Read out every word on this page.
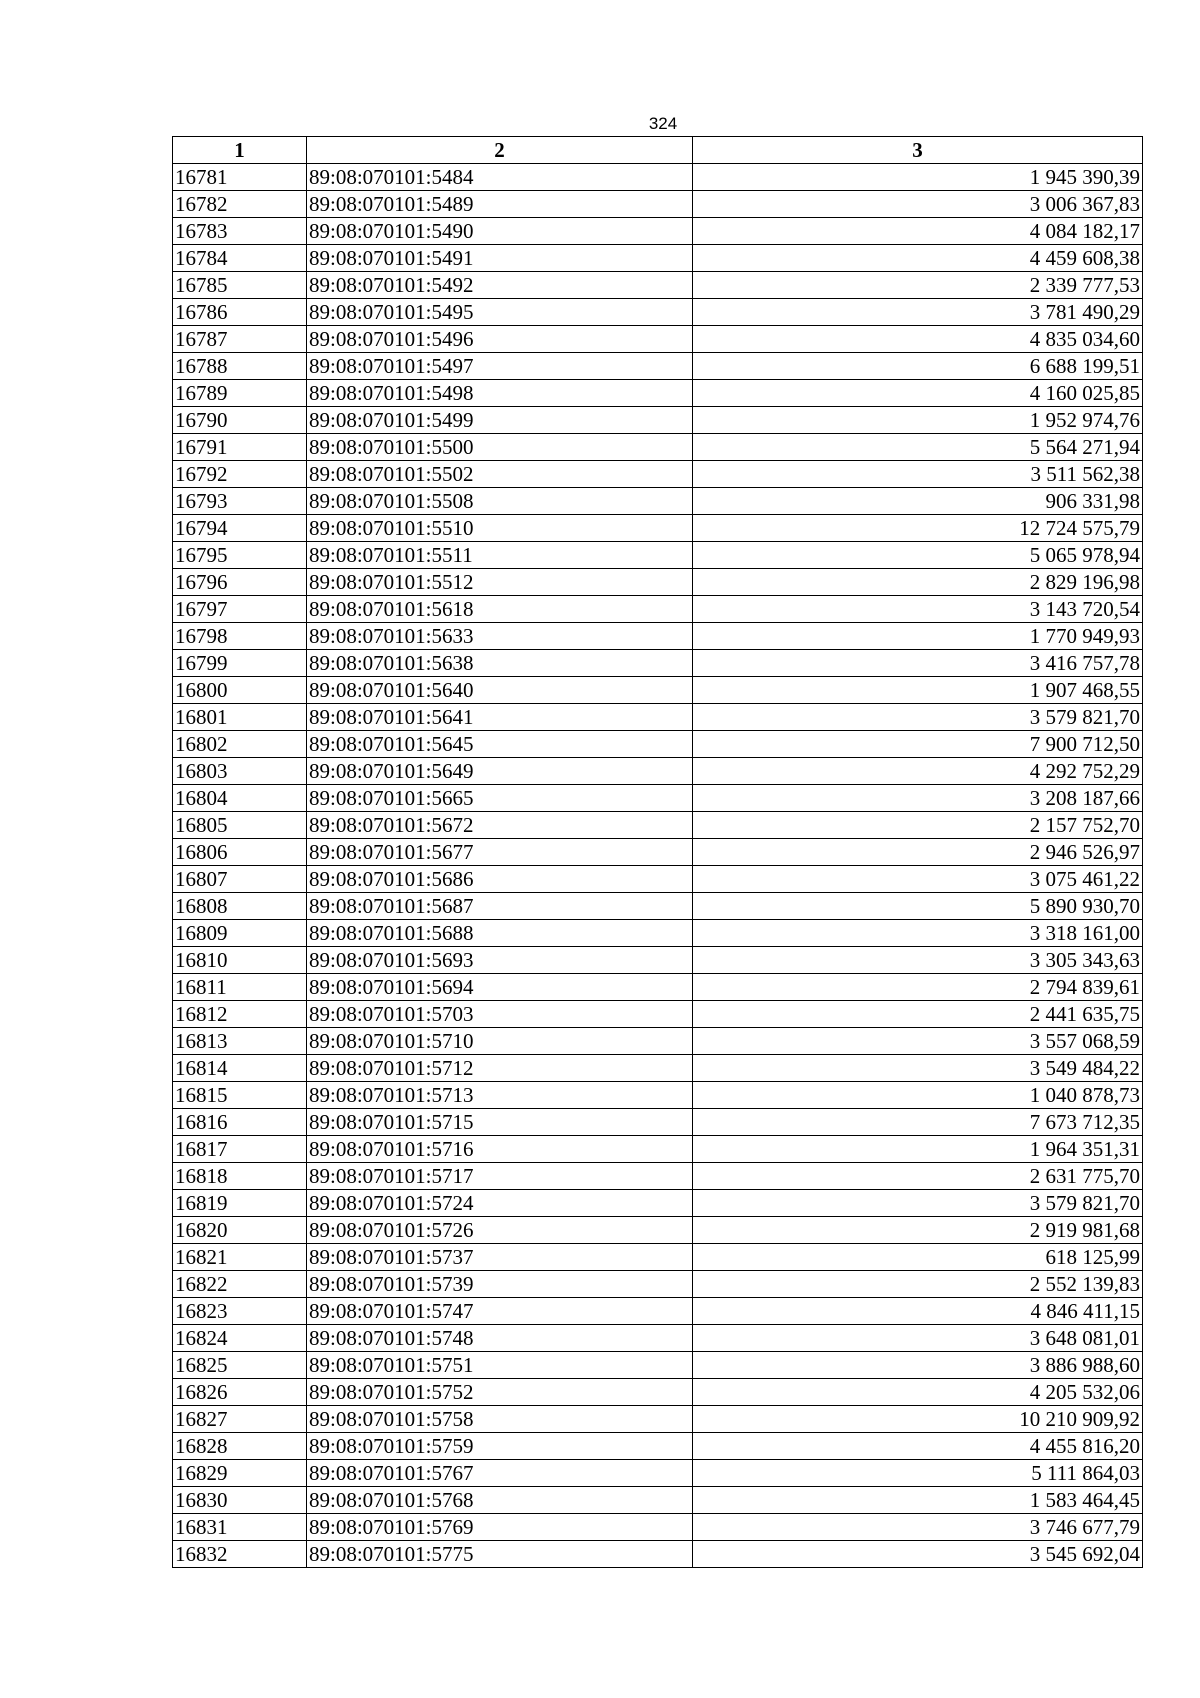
324
1	2	3
16781	89:08:070101:5484	1 945 390,39
16782	89:08:070101:5489	3 006 367,83
16783	89:08:070101:5490	4 084 182,17
16784	89:08:070101:5491	4 459 608,38
16785	89:08:070101:5492	2 339 777,53
16786	89:08:070101:5495	3 781 490,29
16787	89:08:070101:5496	4 835 034,60
16788	89:08:070101:5497	6 688 199,51
16789	89:08:070101:5498	4 160 025,85
16790	89:08:070101:5499	1 952 974,76
16791	89:08:070101:5500	5 564 271,94
16792	89:08:070101:5502	3 511 562,38
16793	89:08:070101:5508	906 331,98
16794	89:08:070101:5510	12 724 575,79
16795	89:08:070101:5511	5 065 978,94
16796	89:08:070101:5512	2 829 196,98
16797	89:08:070101:5618	3 143 720,54
16798	89:08:070101:5633	1 770 949,93
16799	89:08:070101:5638	3 416 757,78
16800	89:08:070101:5640	1 907 468,55
16801	89:08:070101:5641	3 579 821,70
16802	89:08:070101:5645	7 900 712,50
16803	89:08:070101:5649	4 292 752,29
16804	89:08:070101:5665	3 208 187,66
16805	89:08:070101:5672	2 157 752,70
16806	89:08:070101:5677	2 946 526,97
16807	89:08:070101:5686	3 075 461,22
16808	89:08:070101:5687	5 890 930,70
16809	89:08:070101:5688	3 318 161,00
16810	89:08:070101:5693	3 305 343,63
16811	89:08:070101:5694	2 794 839,61
16812	89:08:070101:5703	2 441 635,75
16813	89:08:070101:5710	3 557 068,59
16814	89:08:070101:5712	3 549 484,22
16815	89:08:070101:5713	1 040 878,73
16816	89:08:070101:5715	7 673 712,35
16817	89:08:070101:5716	1 964 351,31
16818	89:08:070101:5717	2 631 775,70
16819	89:08:070101:5724	3 579 821,70
16820	89:08:070101:5726	2 919 981,68
16821	89:08:070101:5737	618 125,99
16822	89:08:070101:5739	2 552 139,83
16823	89:08:070101:5747	4 846 411,15
16824	89:08:070101:5748	3 648 081,01
16825	89:08:070101:5751	3 886 988,60
16826	89:08:070101:5752	4 205 532,06
16827	89:08:070101:5758	10 210 909,92
16828	89:08:070101:5759	4 455 816,20
16829	89:08:070101:5767	5 111 864,03
16830	89:08:070101:5768	1 583 464,45
16831	89:08:070101:5769	3 746 677,79
16832	89:08:070101:5775	3 545 692,04
